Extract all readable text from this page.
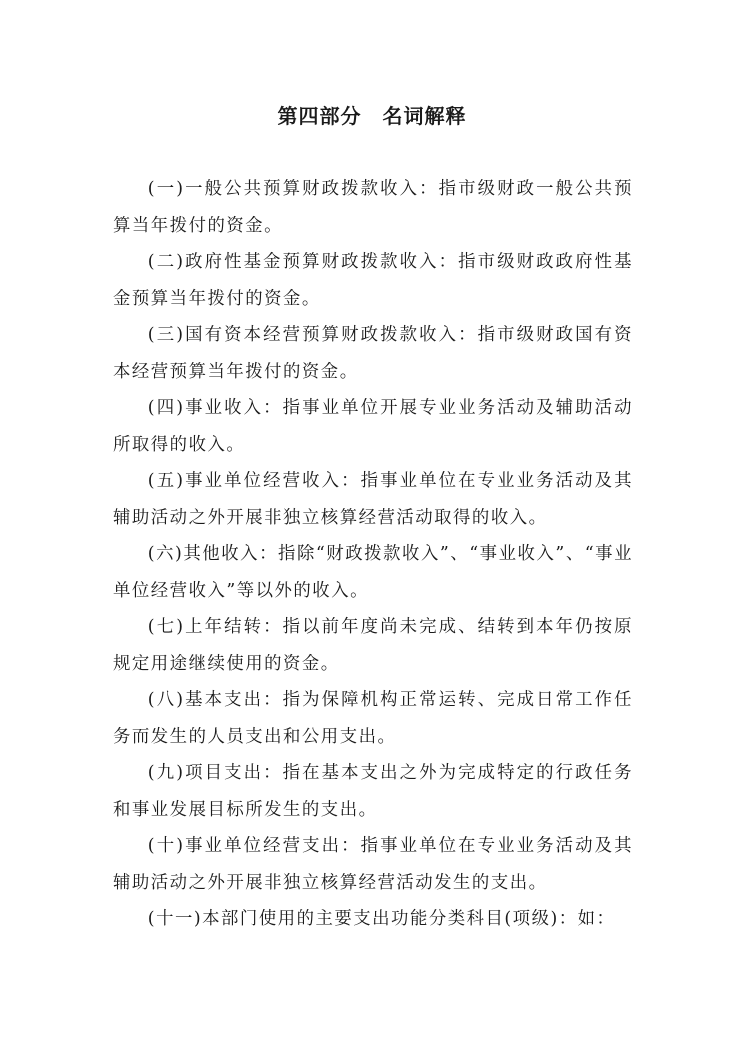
第四部分　名词解释

(一)一般公共预算财政拨款收入：指市级财政一般公共预算当年拨付的资金。

(二)政府性基金预算财政拨款收入：指市级财政政府性基金预算当年拨付的资金。

(三)国有资本经营预算财政拨款收入：指市级财政国有资本经营预算当年拨付的资金。

(四)事业收入：指事业单位开展专业业务活动及辅助活动所取得的收入。

(五)事业单位经营收入：指事业单位在专业业务活动及其辅助活动之外开展非独立核算经营活动取得的收入。

(六)其他收入：指除“财政拨款收入”、“事业收入”、“事业单位经营收入”等以外的收入。

(七)上年结转：指以前年度尚未完成、结转到本年仍按原规定用途继续使用的资金。

(八)基本支出：指为保障机构正常运转、完成日常工作任务而发生的人员支出和公用支出。

(九)项目支出：指在基本支出之外为完成特定的行政任务和事业发展目标所发生的支出。

(十)事业单位经营支出：指事业单位在专业业务活动及其辅助活动之外开展非独立核算经营活动发生的支出。

(十一)本部门使用的主要支出功能分类科目(项级)：如：
